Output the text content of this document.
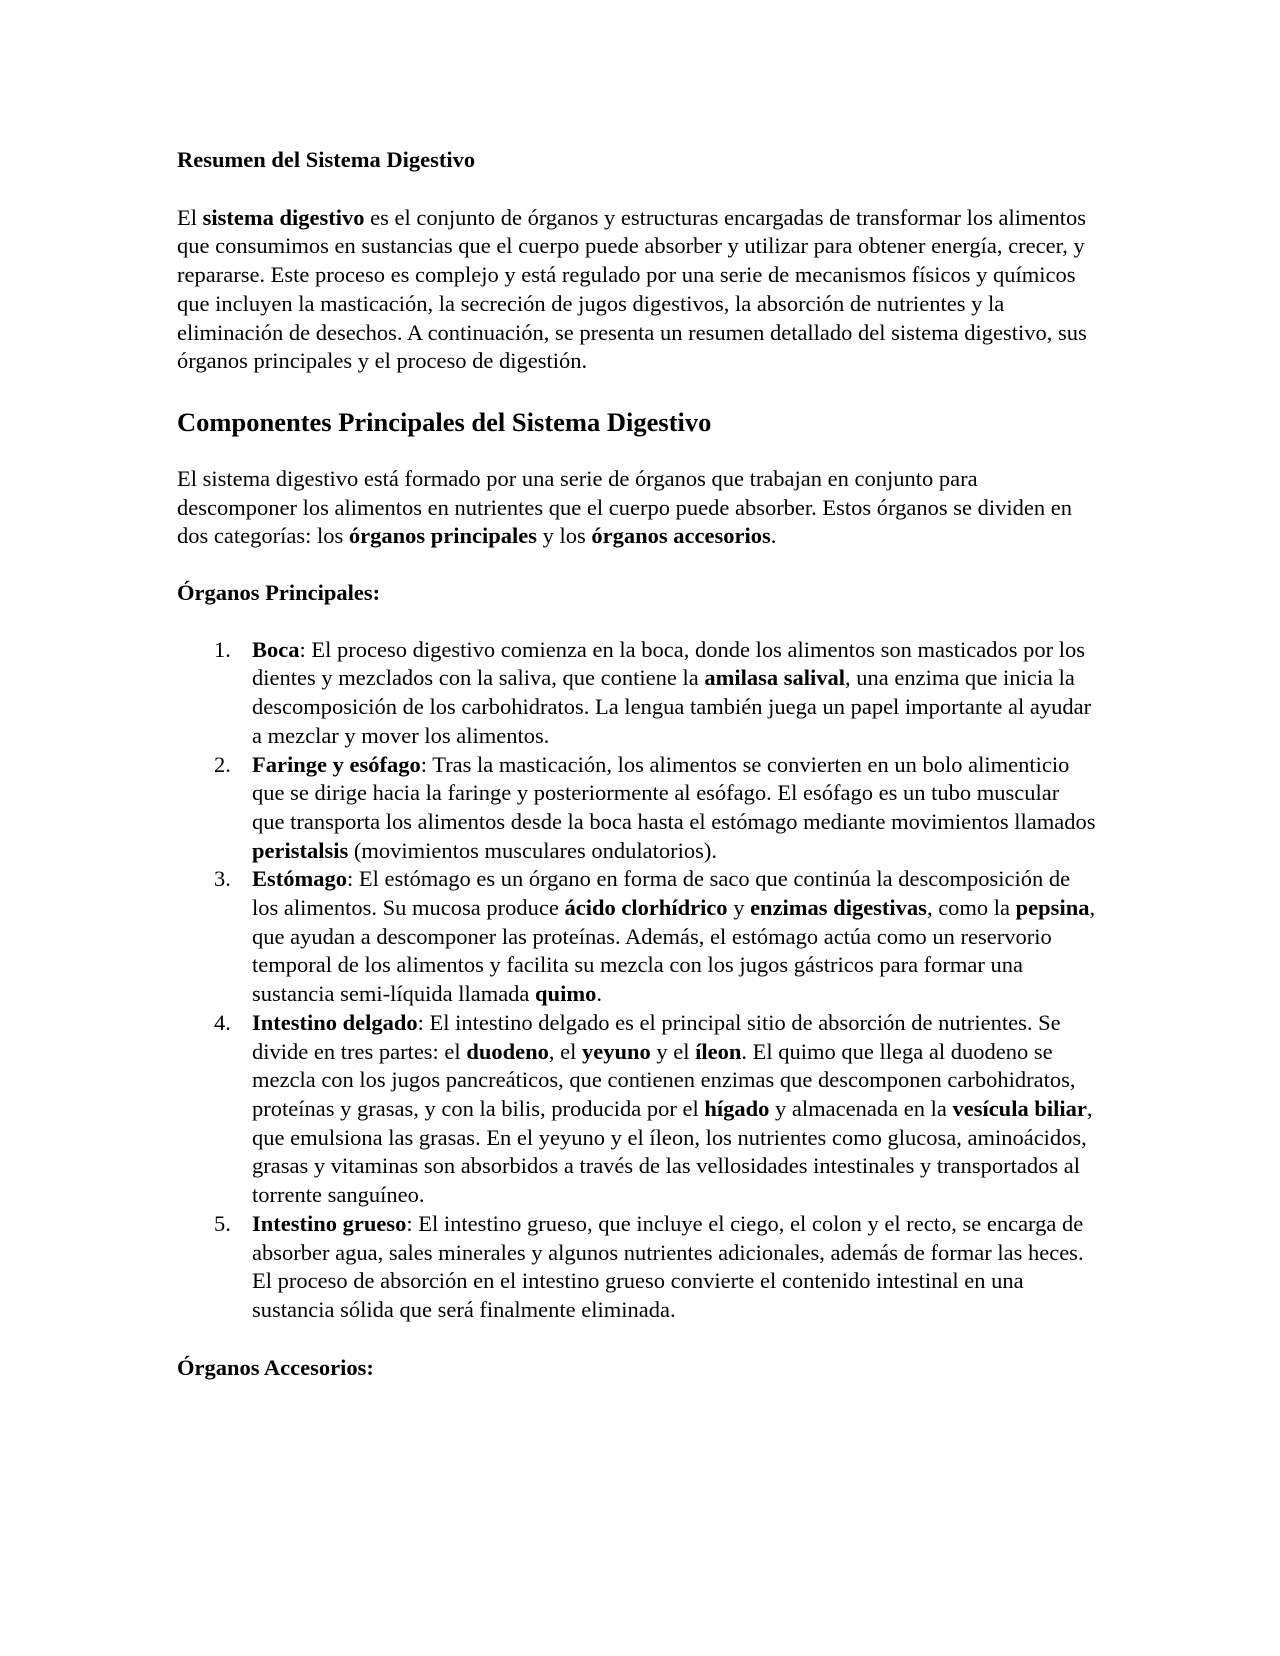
Resumen del Sistema Digestivo

El sistema digestivo es el conjunto de órganos y estructuras encargadas de transformar los alimentos que consumimos en sustancias que el cuerpo puede absorber y utilizar para obtener energía, crecer, y repararse. Este proceso es complejo y está regulado por una serie de mecanismos físicos y químicos que incluyen la masticación, la secreción de jugos digestivos, la absorción de nutrientes y la eliminación de desechos. A continuación, se presenta un resumen detallado del sistema digestivo, sus órganos principales y el proceso de digestión.

Componentes Principales del Sistema Digestivo

El sistema digestivo está formado por una serie de órganos que trabajan en conjunto para descomponer los alimentos en nutrientes que el cuerpo puede absorber. Estos órganos se dividen en dos categorías: los órganos principales y los órganos accesorios.

Órganos Principales:

1. Boca: El proceso digestivo comienza en la boca, donde los alimentos son masticados por los dientes y mezclados con la saliva, que contiene la amilasa salival, una enzima que inicia la descomposición de los carbohidratos. La lengua también juega un papel importante al ayudar a mezclar y mover los alimentos.
2. Faringe y esófago: Tras la masticación, los alimentos se convierten en un bolo alimenticio que se dirige hacia la faringe y posteriormente al esófago. El esófago es un tubo muscular que transporta los alimentos desde la boca hasta el estómago mediante movimientos llamados peristalsis (movimientos musculares ondulatorios).
3. Estómago: El estómago es un órgano en forma de saco que continúa la descomposición de los alimentos. Su mucosa produce ácido clorhídrico y enzimas digestivas, como la pepsina, que ayudan a descomponer las proteínas. Además, el estómago actúa como un reservorio temporal de los alimentos y facilita su mezcla con los jugos gástricos para formar una sustancia semi-líquida llamada quimo.
4. Intestino delgado: El intestino delgado es el principal sitio de absorción de nutrientes. Se divide en tres partes: el duodeno, el yeyuno y el íleon. El quimo que llega al duodeno se mezcla con los jugos pancreáticos, que contienen enzimas que descomponen carbohidratos, proteínas y grasas, y con la bilis, producida por el hígado y almacenada en la vesícula biliar, que emulsiona las grasas. En el yeyuno y el íleon, los nutrientes como glucosa, aminoácidos, grasas y vitaminas son absorbidos a través de las vellosidades intestinales y transportados al torrente sanguíneo.
5. Intestino grueso: El intestino grueso, que incluye el ciego, el colon y el recto, se encarga de absorber agua, sales minerales y algunos nutrientes adicionales, además de formar las heces. El proceso de absorción en el intestino grueso convierte el contenido intestinal en una sustancia sólida que será finalmente eliminada.

Órganos Accesorios:
